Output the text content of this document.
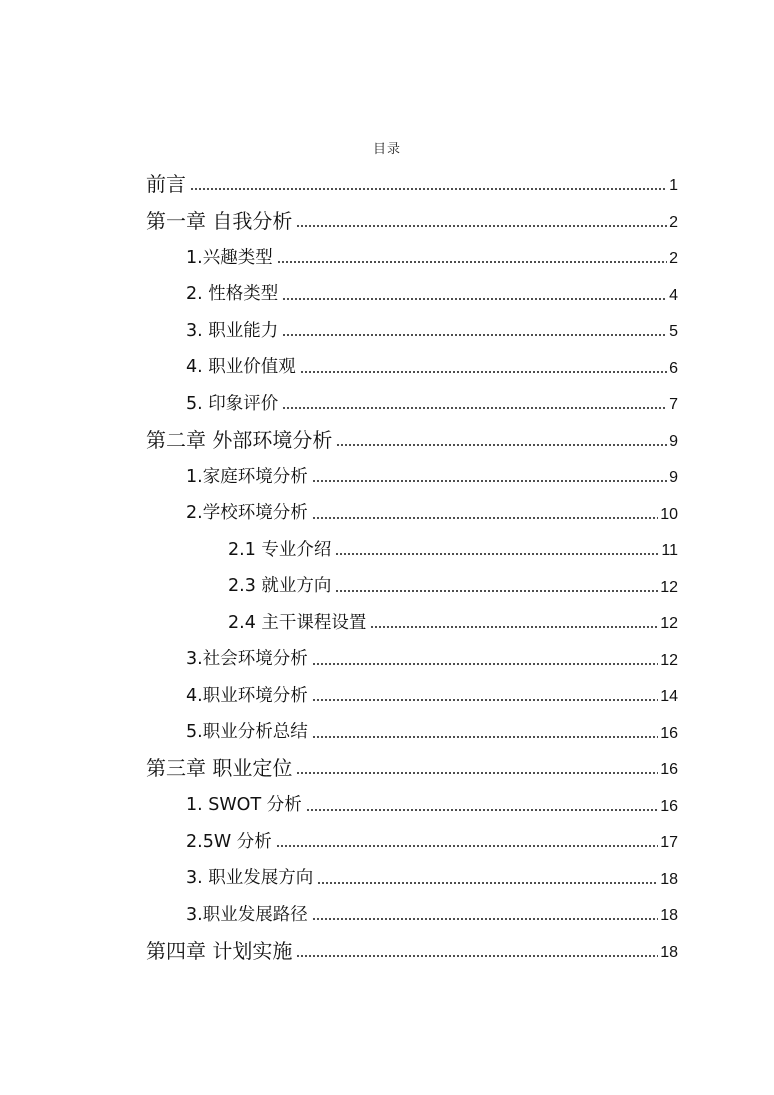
目录
前言	1
第一章 自我分析	2
1.兴趣类型	2
2. 性格类型	4
3. 职业能力	5
4. 职业价值观	6
5. 印象评价	7
第二章 外部环境分析	9
1.家庭环境分析	9
2.学校环境分析	10
2.1 专业介绍	11
2.3 就业方向	12
2.4 主干课程设置	12
3.社会环境分析	12
4.职业环境分析	14
5.职业分析总结	16
第三章 职业定位	16
1. SWOT 分析	16
2.5W 分析	17
3. 职业发展方向	18
3.职业发展路径	18
第四章 计划实施	18
